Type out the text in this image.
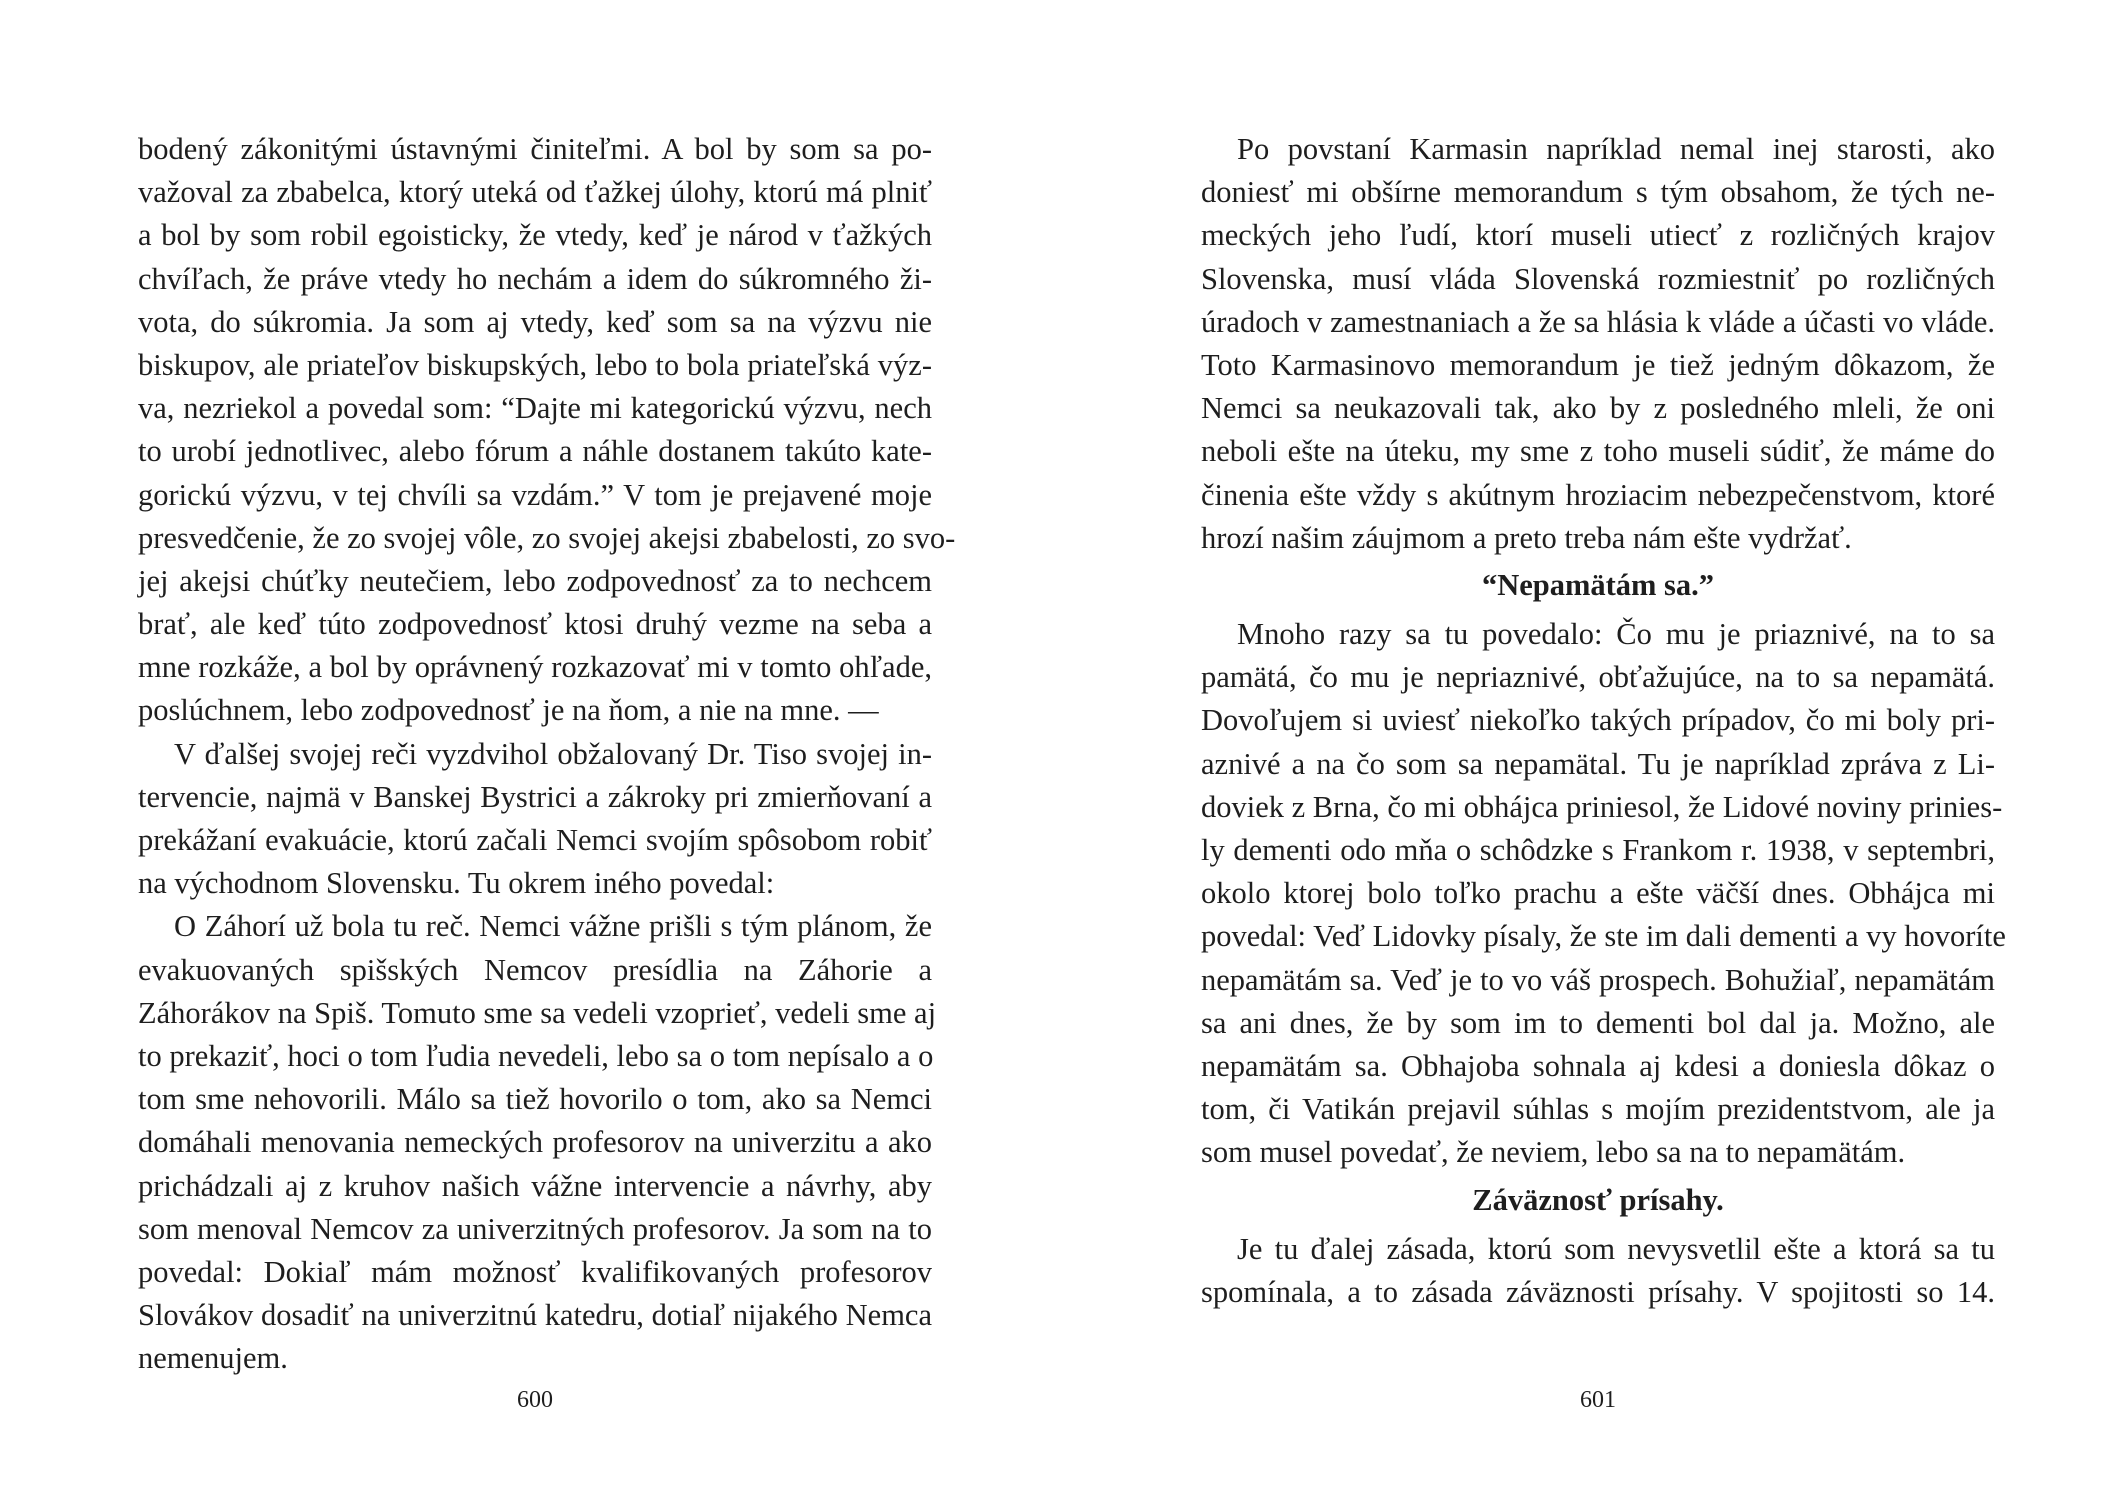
bodený zákonitými ústavnými činiteľmi. A bol by som sa po-
važoval za zbabelca, ktorý uteká od ťažkej úlohy, ktorú má plniť
a bol by som robil egoisticky, že vtedy, keď je národ v ťažkých
chvíľach, že práve vtedy ho nechám a idem do súkromného ži-
vota, do súkromia. Ja som aj vtedy, keď som sa na výzvu nie
biskupov, ale priateľov biskupských, lebo to bola priateľská výz-
va, nezriekol a povedal som: “Dajte mi kategorickú výzvu, nech
to urobí jednotlivec, alebo fórum a náhle dostanem takúto kate-
gorickú výzvu, v tej chvíli sa vzdám.” V tom je prejavené moje
presvedčenie, že zo svojej vôle, zo svojej akejsi zbabelosti, zo svo-
jej akejsi chúťky neutečiem, lebo zodpovednosť za to nechcem
brať, ale keď túto zodpovednosť ktosi druhý vezme na seba a
mne rozkáže, a bol by oprávnený rozkazovať mi v tomto ohľade,
poslúchnem, lebo zodpovednosť je na ňom, a nie na mne. —
V ďalšej svojej reči vyzdvihol obžalovaný Dr. Tiso svojej in-
tervencie, najmä v Banskej Bystrici a zákroky pri zmierňovaní a
prekážaní evakuácie, ktorú začali Nemci svojím spôsobom robiť
na východnom Slovensku. Tu okrem iného povedal:
O Záhorí už bola tu reč. Nemci vážne prišli s tým plánom, že
evakuovaných spišských Nemcov presídlia na Záhorie a
Záhorákov na Spiš. Tomuto sme sa vedeli vzoprieť, vedeli sme aj
to prekaziť, hoci o tom ľudia nevedeli, lebo sa o tom nepísalo a o
tom sme nehovorili. Málo sa tiež hovorilo o tom, ako sa Nemci
domáhali menovania nemeckých profesorov na univerzitu a ako
prichádzali aj z kruhov našich vážne intervencie a návrhy, aby
som menoval Nemcov za univerzitných profesorov. Ja som na to
povedal: Dokiaľ mám možnosť kvalifikovaných profesorov
Slovákov dosadiť na univerzitnú katedru, dotiaľ nijakého Nemca
nemenujem.
Po povstaní Karmasin napríklad nemal inej starosti, ako
doniesť mi obšírne memorandum s tým obsahom, že tých ne-
meckých jeho ľudí, ktorí museli utiecť z rozličných krajov
Slovenska, musí vláda Slovenská rozmiestniť po rozličných
úradoch v zamestnaniach a že sa hlásia k vláde a účasti vo vláde.
Toto Karmasinovo memorandum je tiež jedným dôkazom, že
Nemci sa neukazovali tak, ako by z posledného mleli, že oni
neboli ešte na úteku, my sme z toho museli súdiť, že máme do
činenia ešte vždy s akútnym hroziacim nebezpečenstvom, ktoré
hrozí našim záujmom a preto treba nám ešte vydržať.
“Nepamätám sa.”
Mnoho razy sa tu povedalo: Čo mu je priaznivé, na to sa
pamätá, čo mu je nepriaznivé, obťažujúce, na to sa nepamätá.
Dovoľujem si uviesť niekoľko takých prípadov, čo mi boly pri-
aznivé a na čo som sa nepamätal. Tu je napríklad zpráva z Li-
doviek z Brna, čo mi obhájca priniesol, že Lidové noviny prinies-
ly dementi odo mňa o schôdzke s Frankom r. 1938, v septembri,
okolo ktorej bolo toľko prachu a ešte väčší dnes. Obhájca mi
povedal: Veď Lidovky písaly, že ste im dali dementi a vy hovoríte
nepamätám sa. Veď je to vo váš prospech. Bohužiaľ, nepamätám
sa ani dnes, že by som im to dementi bol dal ja. Možno, ale
nepamätám sa. Obhajoba sohnala aj kdesi a doniesla dôkaz o
tom, či Vatikán prejavil súhlas s mojím prezidentstvom, ale ja
som musel povedať, že neviem, lebo sa na to nepamätám.
Záväznosť prísahy.
Je tu ďalej zásada, ktorú som nevysvetlil ešte a ktorá sa tu
spomínala, a to zásada záväznosti prísahy. V spojitosti so 14.
600	601
